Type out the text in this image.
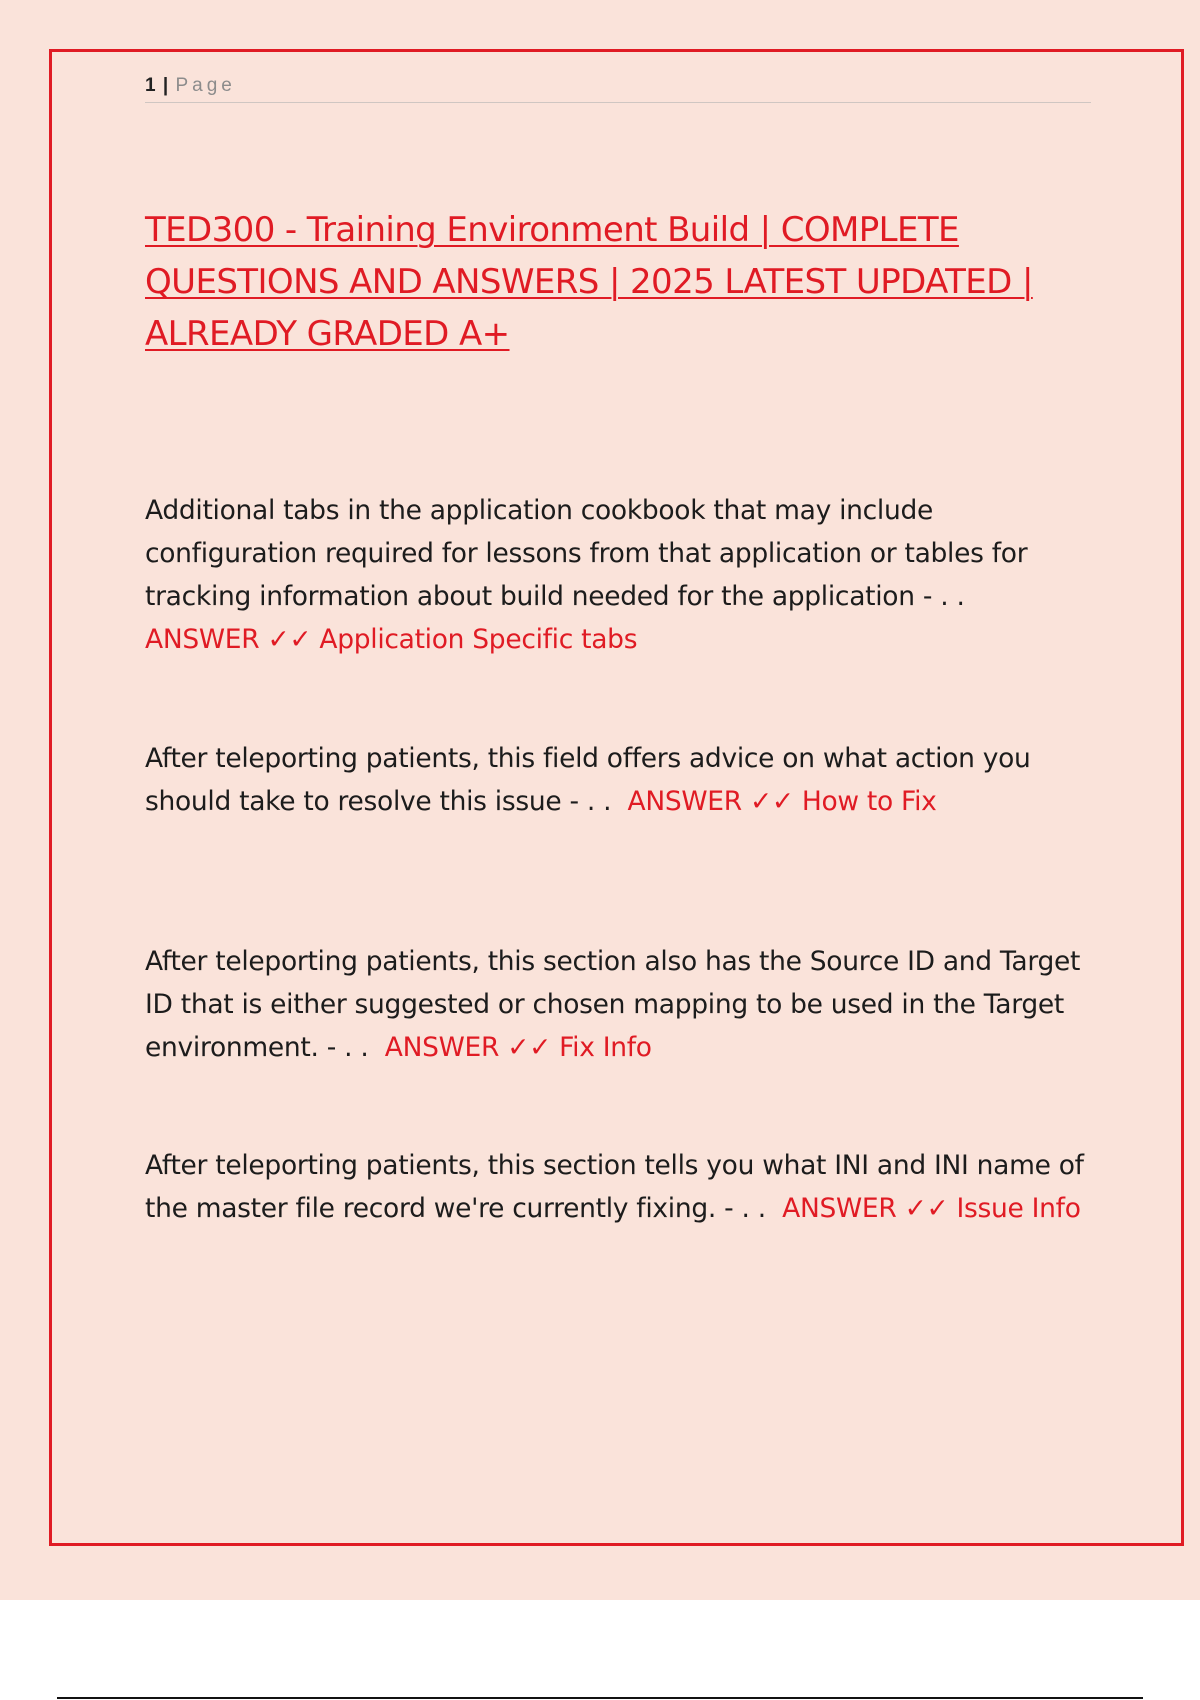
1 | Page
TED300 - Training Environment Build | COMPLETE QUESTIONS AND ANSWERS | 2025 LATEST UPDATED | ALREADY GRADED A+

Additional tabs in the application cookbook that may include configuration required for lessons from that application or tables for tracking information about build needed for the application - . .  ANSWER ✓✓ Application Specific tabs

After teleporting patients, this field offers advice on what action you should take to resolve this issue - . . ANSWER ✓✓ How to Fix

After teleporting patients, this section also has the Source ID and Target ID that is either suggested or chosen mapping to be used in the Target environment. - . . ANSWER ✓✓ Fix Info

After teleporting patients, this section tells you what INI and INI name of the master file record we're currently fixing. - . . ANSWER ✓✓ Issue Info
